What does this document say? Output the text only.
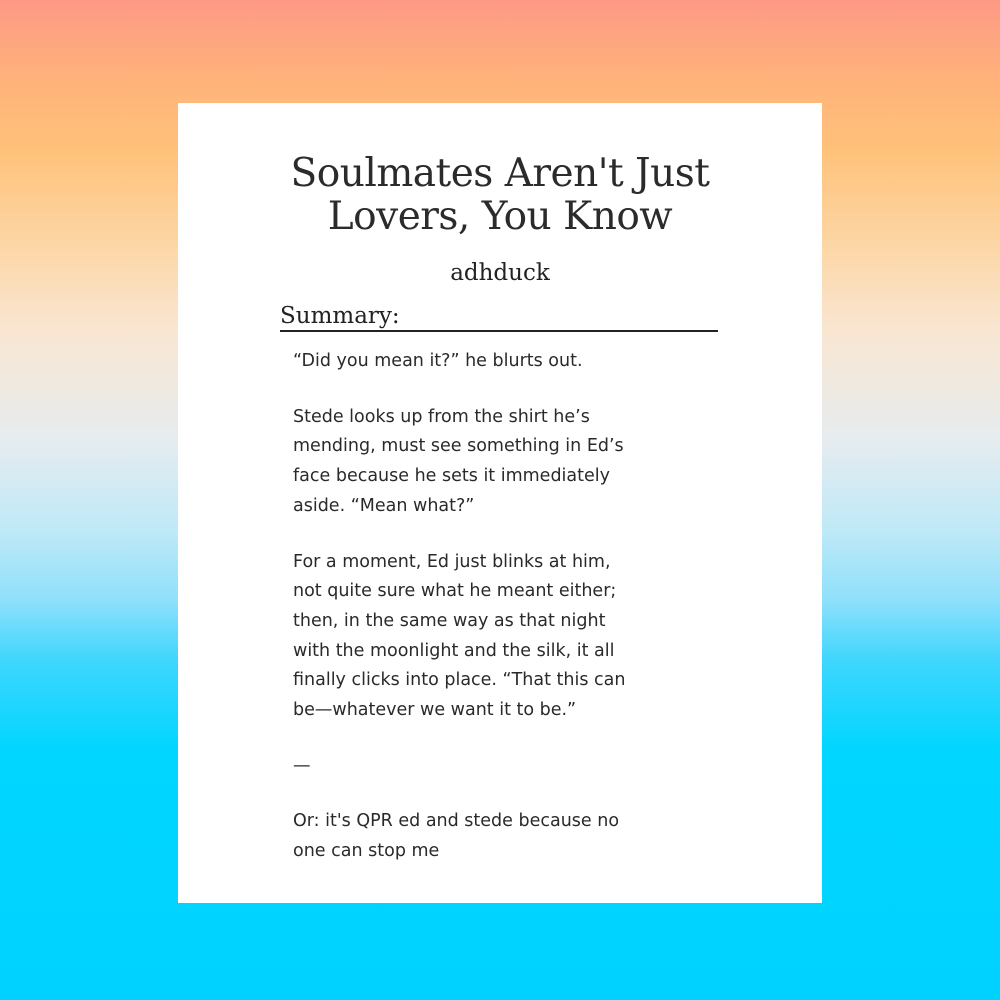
Soulmates Aren't Just
Lovers, You Know
adhduck
Summary:
“Did you mean it?” he blurts out.
Stede looks up from the shirt he’s
mending, must see something in Ed’s
face because he sets it immediately
aside. “Mean what?”
For a moment, Ed just blinks at him,
not quite sure what he meant either;
then, in the same way as that night
with the moonlight and the silk, it all
finally clicks into place. “That this can
be—whatever we want it to be.”
—
Or: it's QPR ed and stede because no
one can stop me
